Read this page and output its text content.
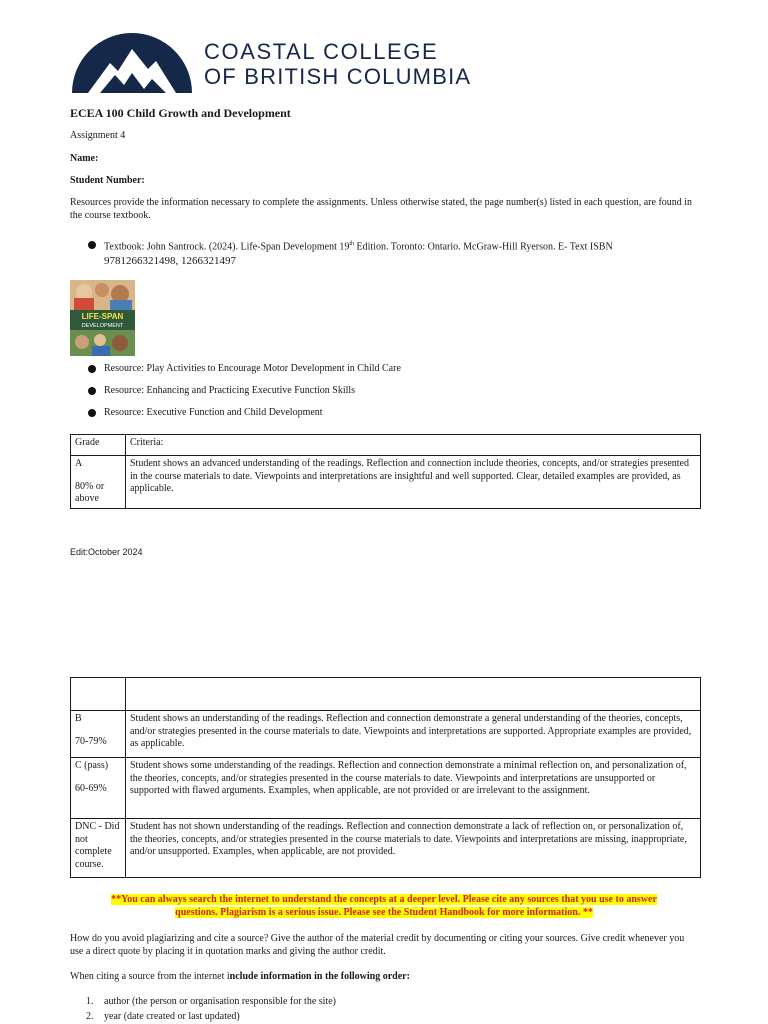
COASTAL COLLEGE
OF BRITISH COLUMBIA
ECEA 100 Child Growth and Development
Assignment 4
Name:
Student Number:
Resources provide the information necessary to complete the assignments. Unless otherwise stated, the page number(s) listed in each question, are found in the course textbook.
Textbook: John Santrock. (2024). Life-Span Development 19th Edition. Toronto: Ontario. McGraw-Hill Ryerson. E- Text ISBN
9781266321498, 1266321497
LIFE-SPAN
DEVELOPMENT
Resource: Play Activities to Encourage Motor Development in Child Care
Resource: Enhancing and Practicing Executive Function Skills
Resource: Executive Function and Child Development
Grade	Criteria:

A
80% or above	Student shows an advanced understanding of the readings. Reflection and connection include theories, concepts, and/or strategies presented in the course materials to date. Viewpoints and interpretations are insightful and well supported. Clear, detailed examples are provided, as applicable.
Edit:October 2024

B
70-79%	Student shows an understanding of the readings. Reflection and connection demonstrate a general understanding of the theories, concepts, and/or strategies presented in the course materials to date. Viewpoints and interpretations are supported. Appropriate examples are provided, as applicable.

C (pass)
60-69%	Student shows some understanding of the readings. Reflection and connection demonstrate a minimal reflection on, and personalization of, the theories, concepts, and/or strategies presented in the course materials to date. Viewpoints and interpretations are unsupported or supported with flawed arguments. Examples, when applicable, are not provided or are irrelevant to the assignment.
DNC - Did not complete course.	Student has not shown understanding of the readings. Reflection and connection demonstrate a lack of reflection on, or personalization of, the theories, concepts, and/or strategies presented in the course materials to date. Viewpoints and interpretations are missing, inappropriate, and/or unsupported. Examples, when applicable, are not provided.
**You can always search the internet to understand the concepts at a deeper level. Please cite any sources that you use to answer
questions. Plagiarism is a serious issue. Please see the Student Handbook for more information. **
How do you avoid plagiarizing and cite a source? Give the author of the material credit by documenting or citing your sources. Give credit whenever you use a direct quote by placing it in quotation marks and giving the author credit.
When citing a source from the internet include information in the following order:
1. author (the person or organisation responsible for the site)
2. year (date created or last updated)
